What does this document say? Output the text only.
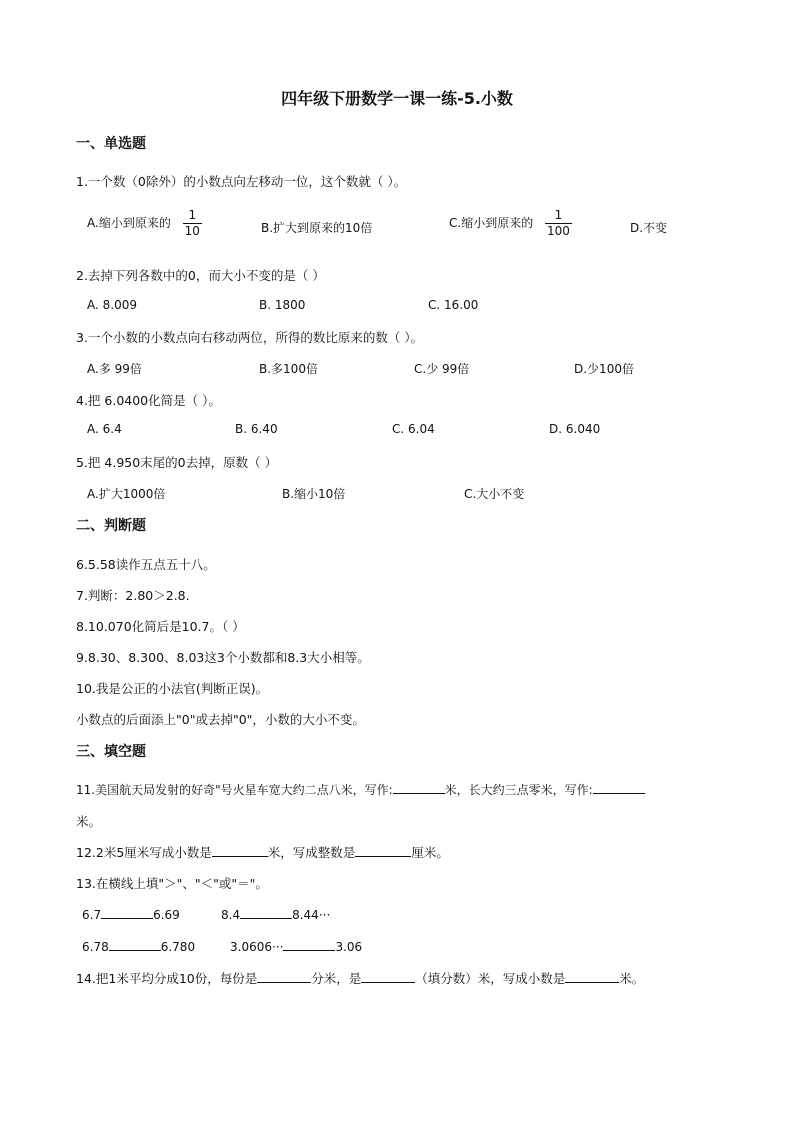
四年级下册数学一课一练-5.小数
一、单选题
1.一个数（0除外）的小数点向左移动一位，这个数就（ ）。
A.缩小到原来的 $\frac{1}{10}$	B.扩大到原来的10倍	C.缩小到原来的 $\frac{1}{100}$	D.不变
2.去掉下列各数中的0，而大小不变的是（ ）
A. 8.009	B. 1800	C. 16.00
3.一个小数的小数点向右移动两位，所得的数比原来的数（ ）。
A.多 99倍	B.多100倍	C.少 99倍	D.少100倍
4.把 6.0400化简是（ ）。
A. 6.4	B. 6.40	C. 6.04	D. 6.040
5.把 4.950末尾的0去掉，原数（ ）
A.扩大1000倍	B.缩小10倍	C.大小不变
二、判断题
6.5.58读作五点五十八。
7.判断：2.80＞2.8.
8.10.070化简后是10.7。（ ）
9.8.30、8.300、8.03这3个小数都和8.3大小相等。
10.我是公正的小法官(判断正误)。
小数点的后面添上"0"或去掉"0"，小数的大小不变。
三、填空题
11.美国航天局发射的好奇"号火星车宽大约二点八米，写作:	米，长大约三点零米，写作:
米。
12.2米5厘米写成小数是	米，写成整数是	厘米。
13.在横线上填"＞"、"＜"或"＝"。
6.7	6.69	8.4	8.44···
6.78	6.780	3.0606···	3.06
14.把1米平均分成10份，每份是	分米，是	（填分数）米，写成小数是	米。
